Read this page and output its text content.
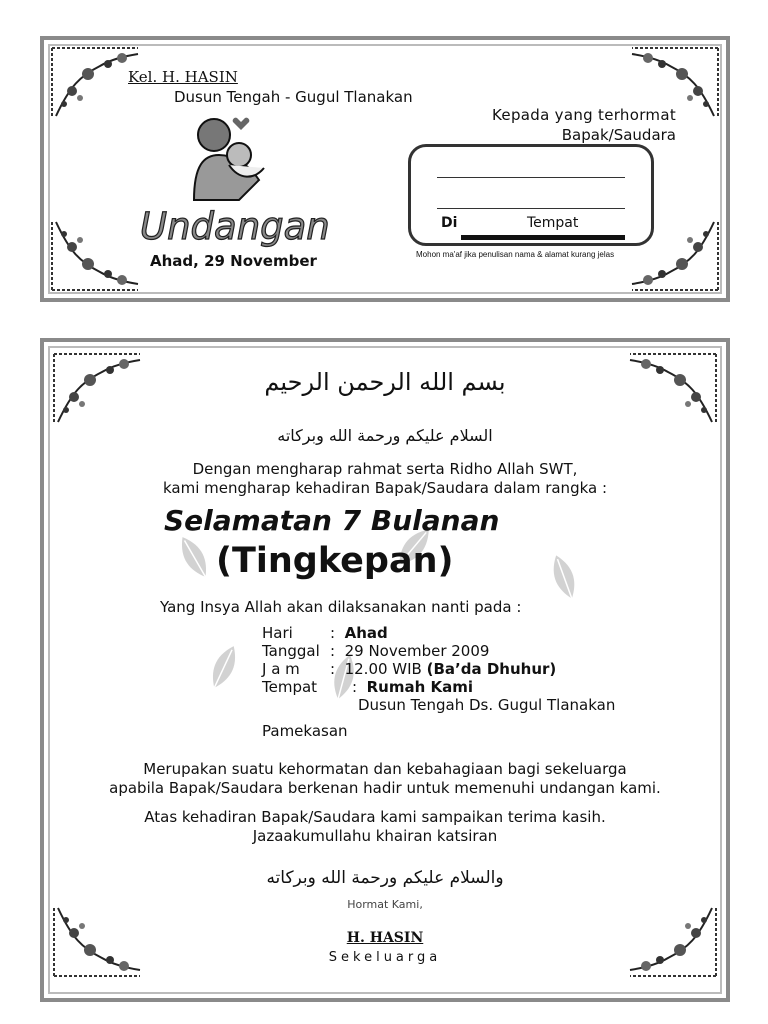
Kel. H. HASIN
Dusun Tengah - Gugul Tlanakan
Kepada yang terhormat
Bapak/Saudara
Undangan
Ahad, 29 November
Di	Tempat
Mohon ma'af jika penulisan nama & alamat kurang jelas
بسم الله الرحمن الرحيم
السلام عليكم ورحمة الله وبركاته
Dengan mengharap rahmat serta Ridho Allah SWT,
kami mengharap kehadiran Bapak/Saudara dalam rangka :
Selamatan 7 Bulanan
(Tingkepan)
Yang Insya Allah akan dilaksanakan nanti pada :
Hari :  Ahad
Tanggal :  29 November 2009
J a m :  12.00 WIB (Ba’da Dhuhur)
Tempat :  Rumah Kami
Dusun Tengah Ds. Gugul Tlanakan
Pamekasan
Merupakan suatu kehormatan dan kebahagiaan bagi sekeluarga
apabila Bapak/Saudara berkenan hadir untuk memenuhi undangan kami.
Atas kehadiran Bapak/Saudara kami sampaikan terima kasih.
Jazaakumullahu khairan katsiran
والسلام عليكم ورحمة الله وبركاته
Hormat Kami,
H. HASIN
Sekeluarga
